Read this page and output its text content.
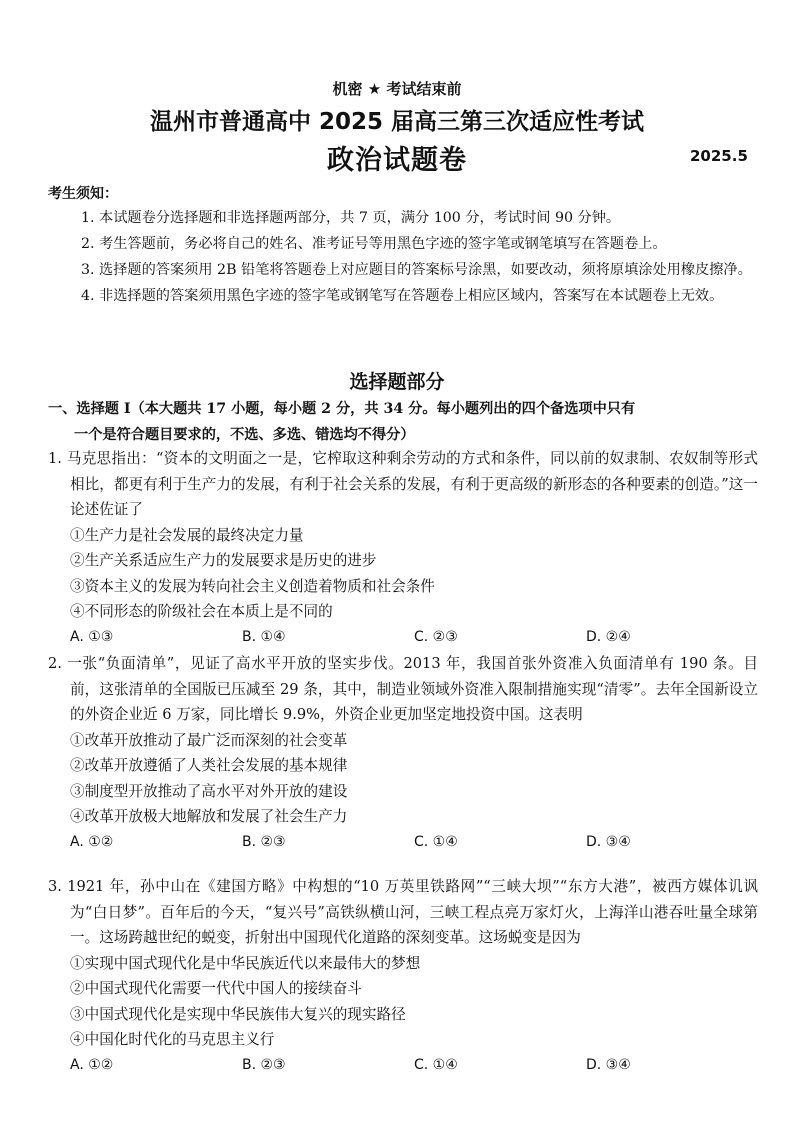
机密 ★ 考试结束前
温州市普通高中 2025 届高三第三次适应性考试
政治试题卷	2025.5
考生须知：

1. 本试题卷分选择题和非选择题两部分，共 7 页，满分 100 分，考试时间 90 分钟。

2. 考生答题前，务必将自己的姓名、准考证号等用黑色字迹的签字笔或钢笔填写在答题卷上。

3. 选择题的答案须用 2B 铅笔将答题卷上对应题目的答案标号涂黑，如要改动，须将原填涂处用橡皮擦净。

4. 非选择题的答案须用黑色字迹的签字笔或钢笔写在答题卷上相应区域内，答案写在本试题卷上无效。

选择题部分
一、选择题 I（本大题共 17 小题，每小题 2 分，共 34 分。每小题列出的四个备选项中只有
一个是符合题目要求的，不选、多选、错选均不得分）

1. 马克思指出：“资本的文明面之一是，它榨取这种剩余劳动的方式和条件，同以前的奴隶制、农奴制等形式相比，都更有利于生产力的发展，有利于社会关系的发展，有利于更高级的新形态的各种要素的创造。”这一论述佐证了

①生产力是社会发展的最终决定力量
②生产关系适应生产力的发展要求是历史的进步
③资本主义的发展为转向社会主义创造着物质和社会条件
④不同形态的阶级社会在本质上是不同的
A. ①③	B. ①④	C. ②③	D. ②④

2. 一张“负面清单”，见证了高水平开放的坚实步伐。2013 年，我国首张外资准入负面清单有 190 条。目前，这张清单的全国版已压减至 29 条，其中，制造业领域外资准入限制措施实现“清零”。去年全国新设立的外资企业近 6 万家，同比增长 9.9%，外资企业更加坚定地投资中国。这表明

①改革开放推动了最广泛而深刻的社会变革
②改革开放遵循了人类社会发展的基本规律
③制度型开放推动了高水平对外开放的建设
④改革开放极大地解放和发展了社会生产力
A. ①②	B. ②③	C. ①④	D. ③④

3. 1921 年，孙中山在《建国方略》中构想的“10 万英里铁路网”“三峡大坝”“东方大港”，被西方媒体讥讽为“白日梦”。百年后的今天，“复兴号”高铁纵横山河，三峡工程点亮万家灯火，上海洋山港吞吐量全球第一。这场跨越世纪的蜕变，折射出中国现代化道路的深刻变革。这场蜕变是因为

①实现中国式现代化是中华民族近代以来最伟大的梦想
②中国式现代化需要一代代中国人的接续奋斗
③中国式现代化是实现中华民族伟大复兴的现实路径
④中国化时代化的马克思主义行
A. ①②	B. ②③	C. ①④	D. ③④
